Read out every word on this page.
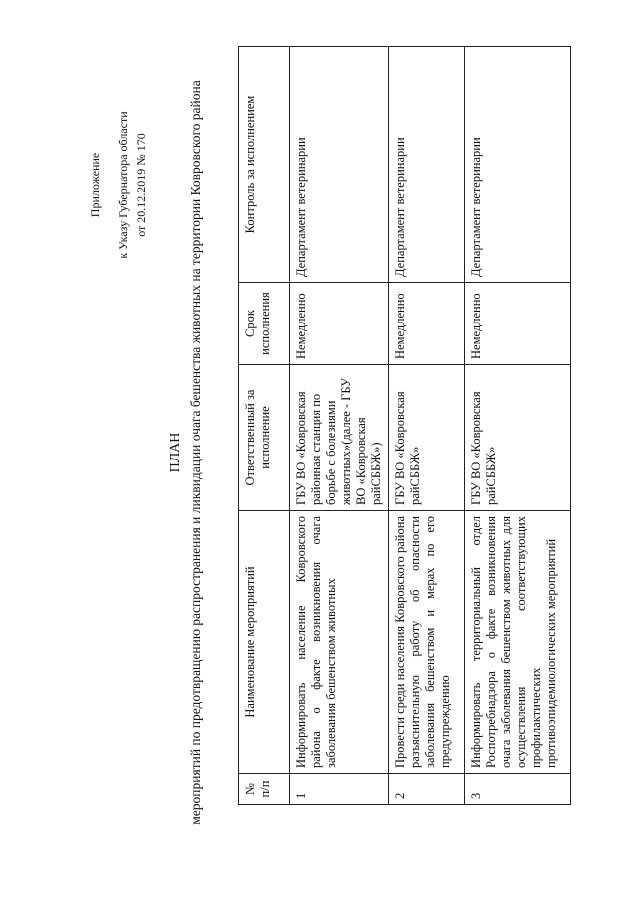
Приложение	к Указу Губернатора области от 20.12.2019 № 170
ПЛАН мероприятий по предотвращению распространения и ликвидации очага бешенства животных на территории Ковровского района	№ п/п	Наименование мероприятий	Ответственный за исполнение	Срок исполнения	Контроль за исполнением
1	Информировать население Ковровского района о факте возникновения очага заболевания бешенством животных	ГБУ ВО «Ковровская районная станция по борьбе с болезнями животных»(далее - ГБУ ВО «Ковровская райСББЖ»)	Немедленно	Департамент ветеринарии
2	Провести среди населения Ковровского района разъяснительную работу об опасности заболевания бешенством и мерах по его предупреждению	ГБУ ВО «Ковровская райСББЖ»	Немедленно	Департамент ветеринарии
3	Информировать территориальный отдел Роспотребнадзора о факте возникновения очага заболевания бешенством животных для осуществления соответствующих профилактических противоэпидемиологических мероприятий	ГБУ ВО «Ковровская райСББЖ»	Немедленно	Департамент ветеринарии
